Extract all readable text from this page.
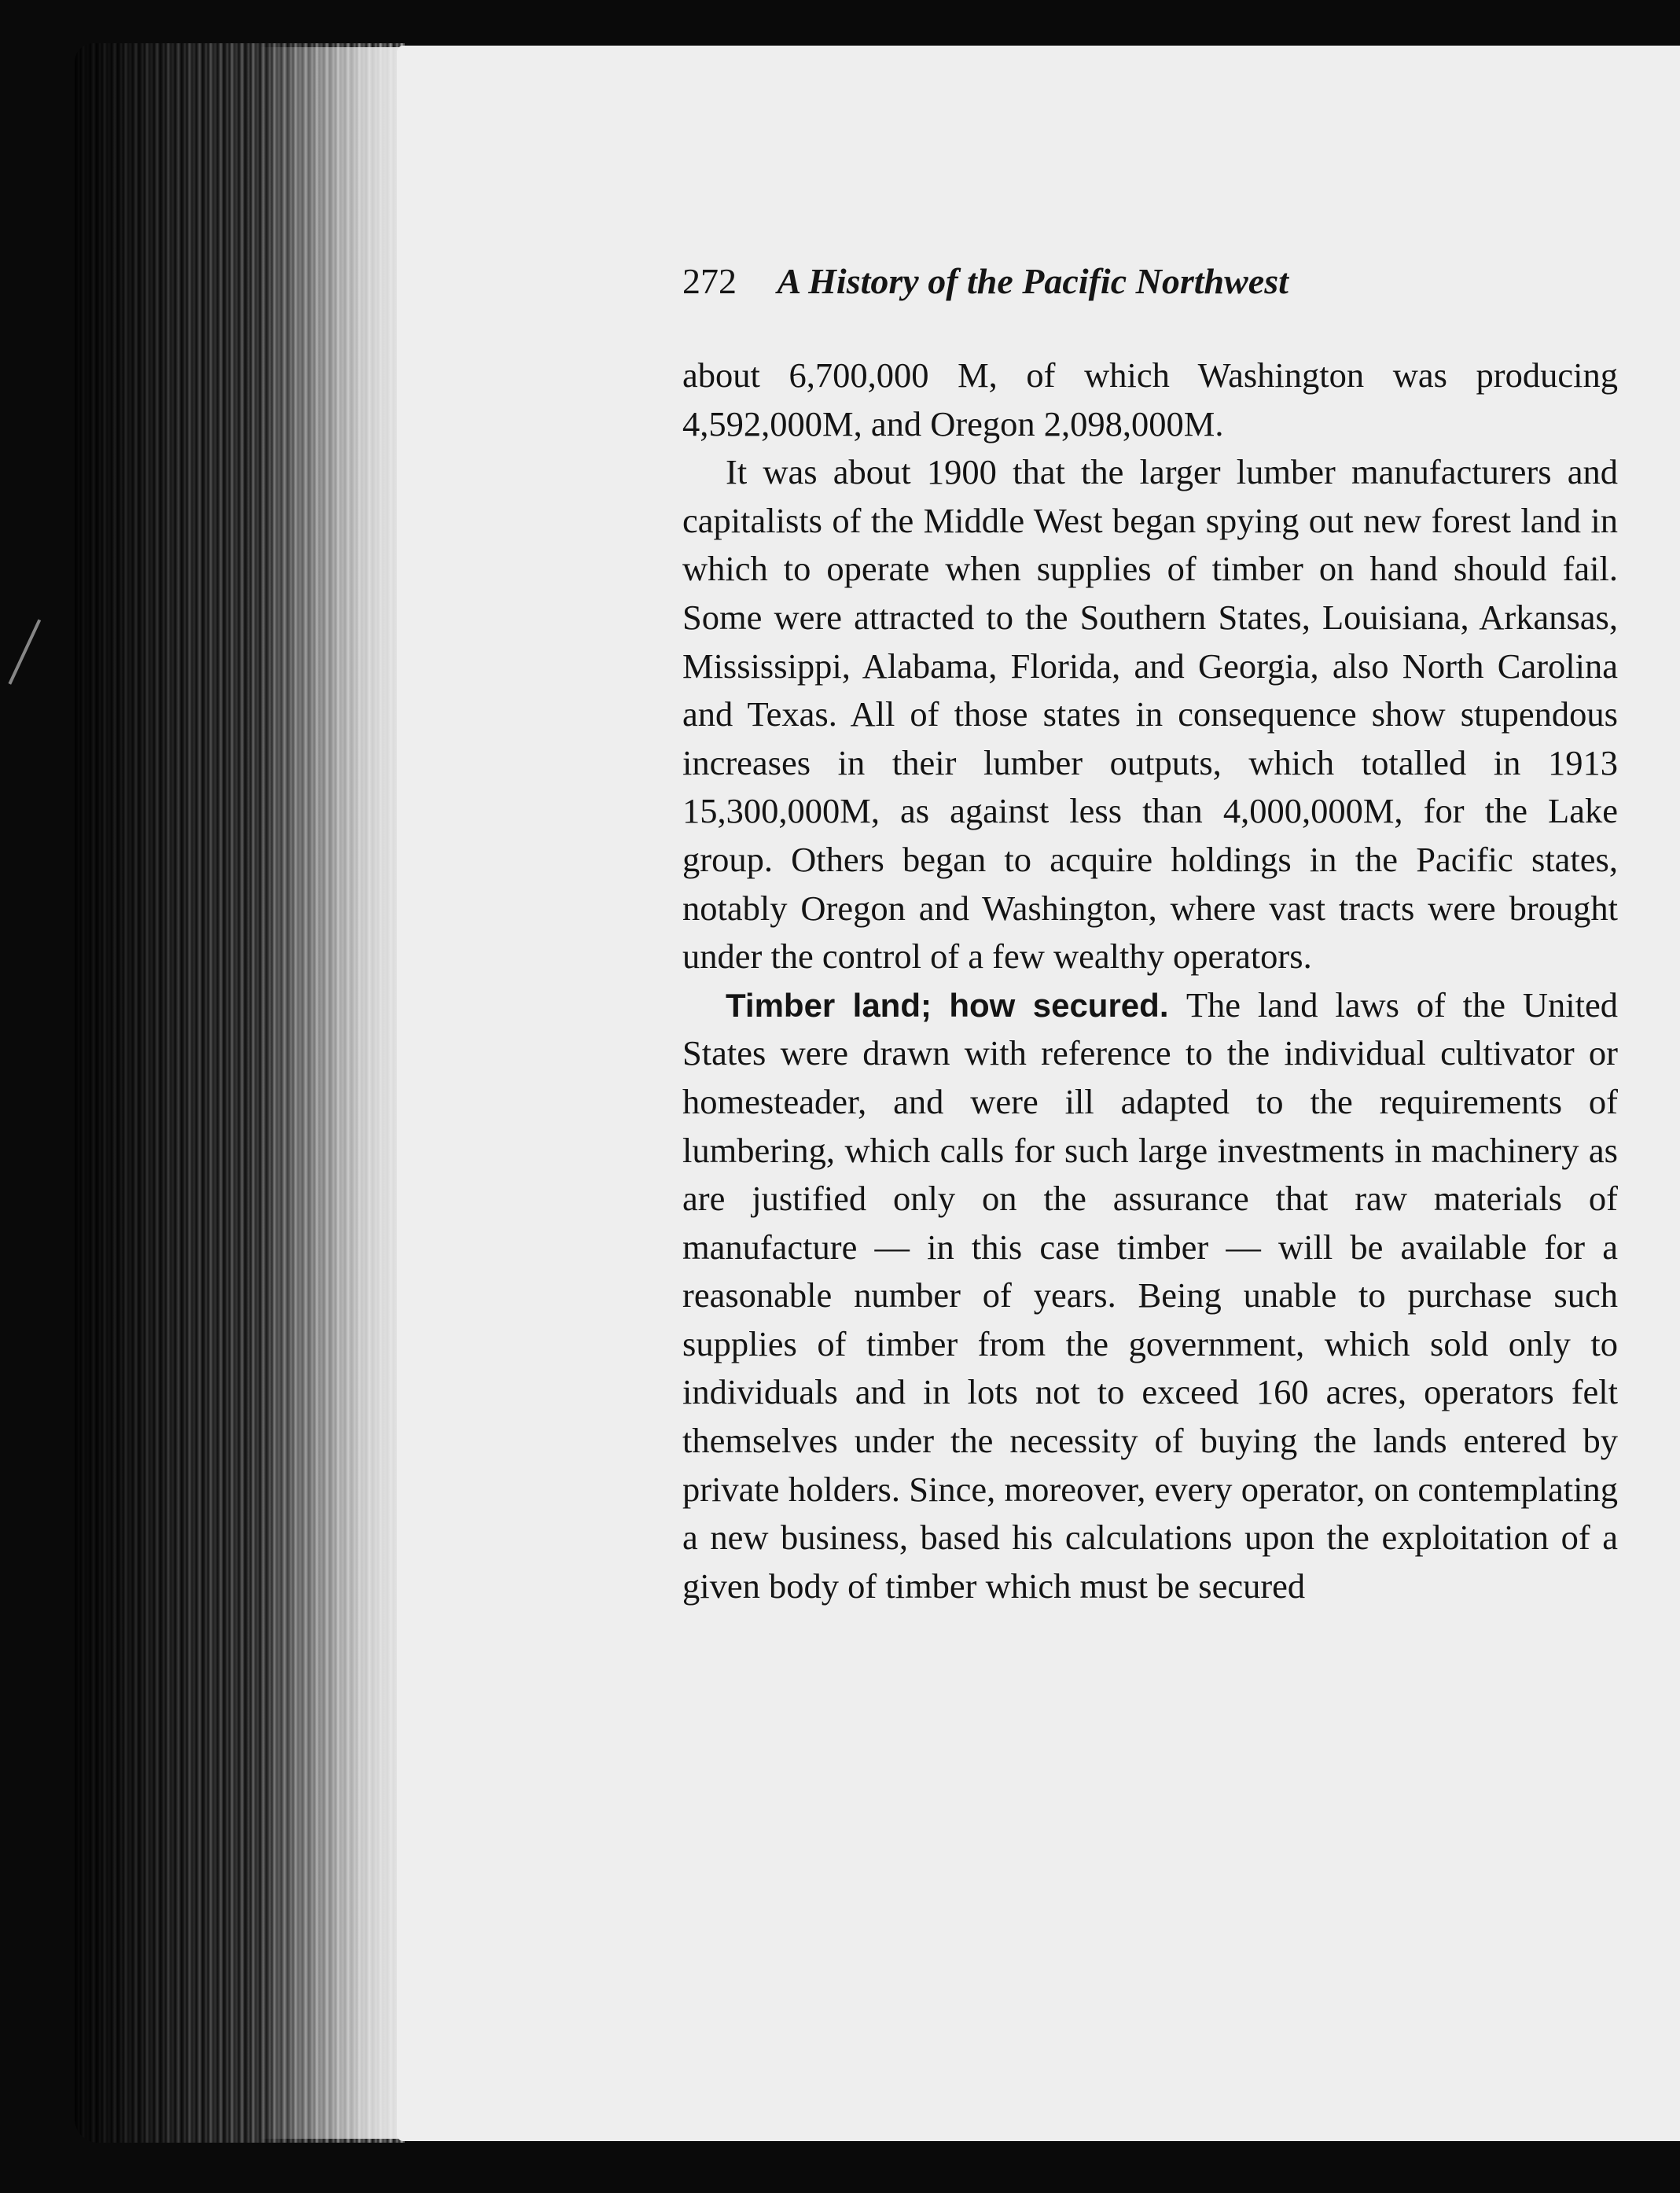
272 A History of the Pacific Northwest

about 6,700,000 M, of which Washington was producing 4,592,000M, and Oregon 2,098,000M.

It was about 1900 that the larger lumber manufacturers and capitalists of the Middle West began spying out new forest land in which to operate when supplies of timber on hand should fail. Some were attracted to the Southern States, Louisiana, Arkansas, Mississippi, Alabama, Florida, and Georgia, also North Carolina and Texas. All of those states in consequence show stupendous increases in their lumber outputs, which totalled in 1913 15,300,000M, as against less than 4,000,000M, for the Lake group. Others began to acquire holdings in the Pacific states, notably Oregon and Washington, where vast tracts were brought under the control of a few wealthy operators.

Timber land; how secured. The land laws of the United States were drawn with reference to the individual cultivator or homesteader, and were ill adapted to the requirements of lumbering, which calls for such large investments in machinery as are justified only on the assurance that raw materials of manufacture — in this case timber — will be available for a reasonable number of years. Being unable to purchase such supplies of timber from the government, which sold only to individuals and in lots not to exceed 160 acres, operators felt themselves under the necessity of buying the lands entered by private holders. Since, moreover, every operator, on contemplating a new business, based his calculations upon the exploitation of a given body of timber which must be secured
